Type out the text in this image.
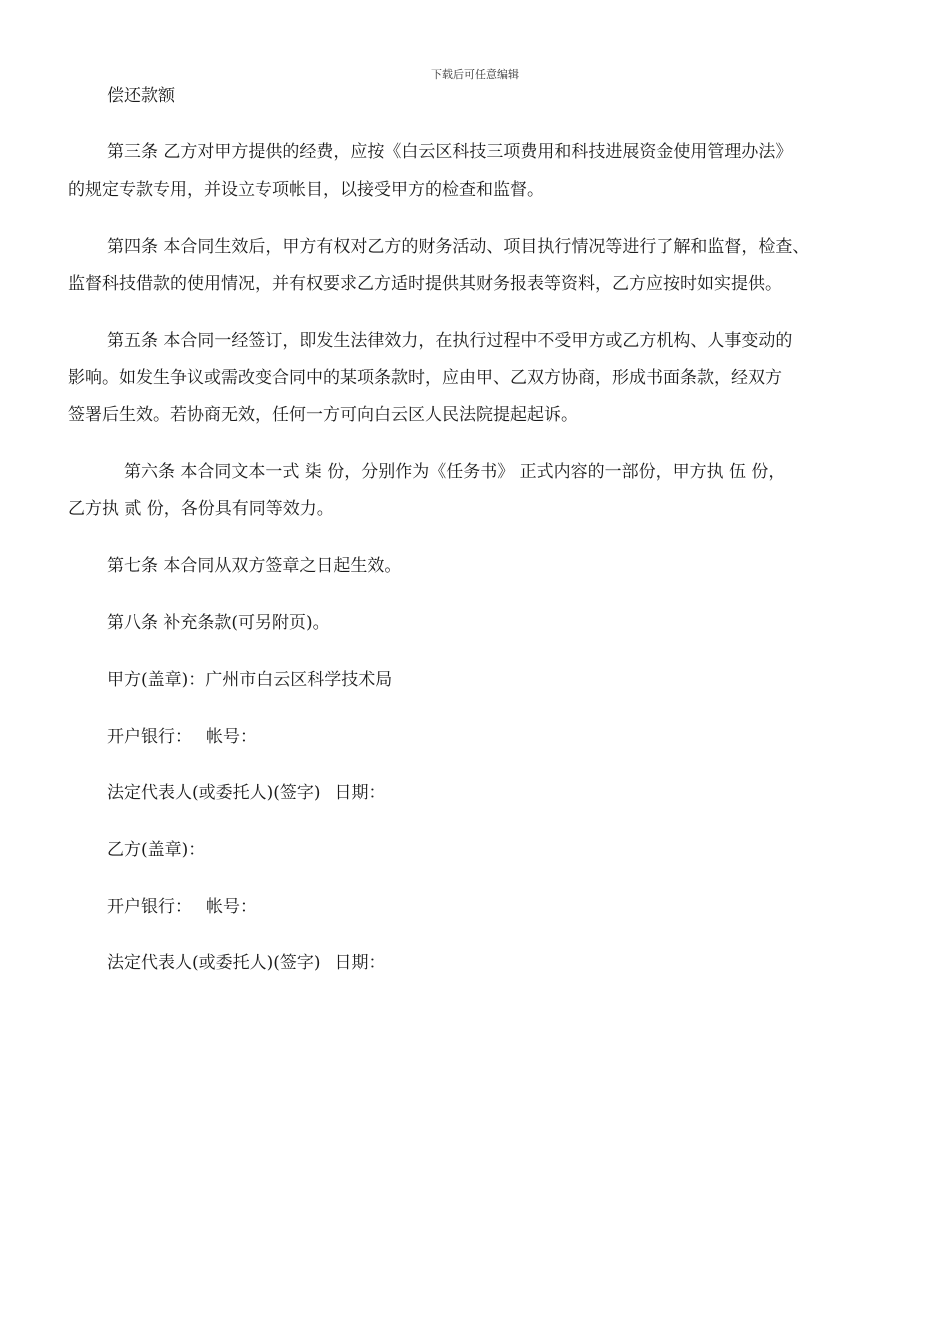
下载后可任意编辑
偿还款额
第三条 乙方对甲方提供的经费，应按《白云区科技三项费用和科技进展资金使用管理办法》
的规定专款专用，并设立专项帐目，以接受甲方的检查和监督。
第四条 本合同生效后，甲方有权对乙方的财务活动、项目执行情况等进行了解和监督，检查、
监督科技借款的使用情况，并有权要求乙方适时提供其财务报表等资料，乙方应按时如实提供。
第五条 本合同一经签订，即发生法律效力，在执行过程中不受甲方或乙方机构、人事变动的
影响。如发生争议或需改变合同中的某项条款时，应由甲、乙双方协商，形成书面条款，经双方
签署后生效。若协商无效，任何一方可向白云区人民法院提起起诉。
第六条 本合同文本一式 柒 份，分别作为《任务书》 正式内容的一部份，甲方执 伍 份，
乙方执 贰 份，各份具有同等效力。
第七条 本合同从双方签章之日起生效。
第八条 补充条款(可另附页)。
甲方(盖章)：广州市白云区科学技术局
开户银行： 帐号：
法定代表人(或委托人)(签字) 日期：
乙方(盖章)：
开户银行： 帐号：
法定代表人(或委托人)(签字) 日期：
